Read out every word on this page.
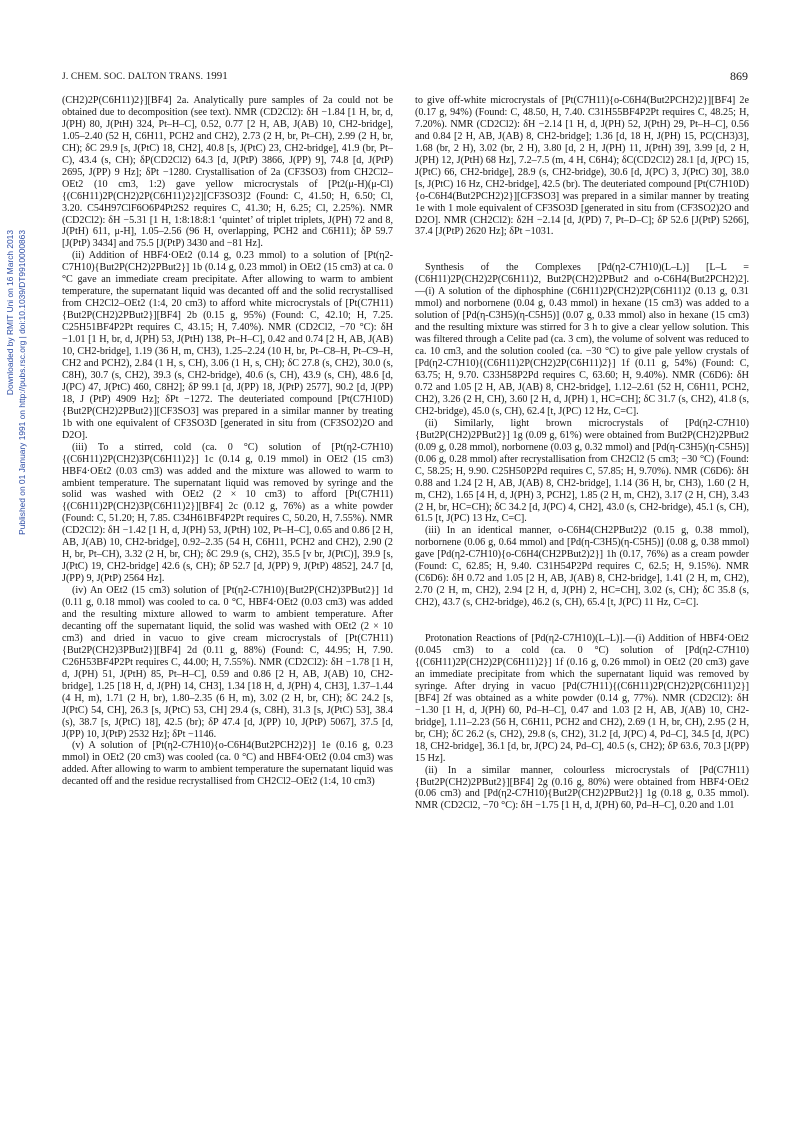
Downloaded by RMIT Uni on 16 March 2013 Published on 01 January 1991 on http://pubs.rsc.org | doi:10.1039/DT9910000863
J. CHEM. SOC. DALTON TRANS. 1991	869

(CH2)2P(C6H11)2}][BF4] 2a. Analytically pure samples of 2a could not be obtained due to decomposition (see text). NMR (CD2Cl2): δH −1.84 [1 H, br, d, J(PH) 80, J(PtH) 324, Pt–H–C], 0.52, 0.77 [2 H, AB, J(AB) 10, CH2-bridge], 1.05–2.40 (52 H, C6H11, PCH2 and CH2), 2.73 (2 H, br, Pt–CH), 2.99 (2 H, br, CH); δC 29.9 [s, J(PtC) 18, CH2], 40.8 [s, J(PtC) 23, CH2-bridge], 41.9 (br, Pt–C), 43.4 (s, CH); δP(CD2Cl2) 64.3 [d, J(PtP) 3866, J(PP) 9], 74.8 [d, J(PtP) 2695, J(PP) 9 Hz]; δPt −1280. Crystallisation of 2a (CF3SO3) from CH2Cl2–OEt2 (10 cm3, 1:2) gave yellow microcrystals of [Pt2(μ-H)(μ-Cl){(C6H11)2P(CH2)2P(C6H11)2}2][CF3SO3]2 (Found: C, 41.50; H, 6.50; Cl, 3.20. C54H97ClF6O6P4Pt2S2 requires C, 41.30; H, 6.25; Cl, 2.25%). NMR (CD2Cl2): δH −5.31 [1 H, 1:8:18:8:1 ‘quintet’ of triplet triplets, J(PH) 72 and 8, J(PtH) 611, μ-H], 1.05–2.56 (96 H, overlapping, PCH2 and C6H11); δP 59.7 [J(PtP) 3434] and 75.5 [J(PtP) 3430 and −81 Hz].

(ii) Addition of HBF4·OEt2 (0.14 g, 0.23 mmol) to a solution of [Pt(η2-C7H10){But2P(CH2)2PBut2}] 1b (0.14 g, 0.23 mmol) in OEt2 (15 cm3) at ca. 0 °C gave an immediate cream precipitate. After allowing to warm to ambient temperature, the supernatant liquid was decanted off and the solid recrystallised from CH2Cl2–OEt2 (1:4, 20 cm3) to afford white microcrystals of [Pt(C7H11){But2P(CH2)2PBut2}][BF4] 2b (0.15 g, 95%) (Found: C, 42.10; H, 7.25. C25H51BF4P2Pt requires C, 43.15; H, 7.40%). NMR (CD2Cl2, −70 °C): δH −1.01 [1 H, br, d, J(PH) 53, J(PtH) 138, Pt–H–C], 0.42 and 0.74 [2 H, AB, J(AB) 10, CH2-bridge], 1.19 (36 H, m, CH3), 1.25–2.24 (10 H, br, Pt–C8–H, Pt–C9–H, CH2 and PCH2), 2.84 (1 H, s, CH), 3.06 (1 H, s, CH); δC 27.8 (s, CH2), 30.0 (s, C8H), 30.7 (s, CH2), 39.3 (s, CH2-bridge), 40.6 (s, CH), 43.9 (s, CH), 48.6 [d, J(PC) 47, J(PtC) 460, C8H2]; δP 99.1 [d, J(PP) 18, J(PtP) 2577], 90.2 [d, J(PP) 18, J (PtP) 4909 Hz]; δPt −1272. The deuteriated compound [Pt(C7H10D){But2P(CH2)2PBut2}][CF3SO3] was prepared in a similar manner by treating 1b with one equivalent of CF3SO3D [generated in situ from (CF3SO2)2O and D2O].

(iii) To a stirred, cold (ca. 0 °C) solution of [Pt(η2-C7H10){(C6H11)2P(CH2)3P(C6H11)2}] 1c (0.14 g, 0.19 mmol) in OEt2 (15 cm3) HBF4·OEt2 (0.03 cm3) was added and the mixture was allowed to warm to ambient temperature. The supernatant liquid was removed by syringe and the solid was washed with OEt2 (2 × 10 cm3) to afford [Pt(C7H11){(C6H11)2P(CH2)3P(C6H11)2}][BF4] 2c (0.12 g, 76%) as a white powder (Found: C, 51.20; H, 7.85. C34H61BF4P2Pt requires C, 50.20, H, 7.55%). NMR (CD2Cl2): δH −1.42 [1 H, d, J(PH) 53, J(PtH) 102, Pt–H–C], 0.65 and 0.86 [2 H, AB, J(AB) 10, CH2-bridge], 0.92–2.35 (54 H, C6H11, PCH2 and CH2), 2.90 (2 H, br, Pt–CH), 3.32 (2 H, br, CH); δC 29.9 (s, CH2), 35.5 [v br, J(PtC)], 39.9 [s, J(PtC) 19, CH2-bridge] 42.6 (s, CH); δP 52.7 [d, J(PP) 9, J(PtP) 4852], 24.7 [d, J(PP) 9, J(PtP) 2564 Hz].

(iv) An OEt2 (15 cm3) solution of [Pt(η2-C7H10){But2P(CH2)3PBut2}] 1d (0.11 g, 0.18 mmol) was cooled to ca. 0 °C, HBF4·OEt2 (0.03 cm3) was added and the resulting mixture allowed to warm to ambient temperature. After decanting off the supernatant liquid, the solid was washed with OEt2 (2 × 10 cm3) and dried in vacuo to give cream microcrystals of [Pt(C7H11){But2P(CH2)3PBut2}][BF4] 2d (0.11 g, 88%) (Found: C, 44.95; H, 7.90. C26H53BF4P2Pt requires C, 44.00; H, 7.55%). NMR (CD2Cl2): δH −1.78 [1 H, d, J(PH) 51, J(PtH) 85, Pt–H–C], 0.59 and 0.86 [2 H, AB, J(AB) 10, CH2-bridge], 1.25 [18 H, d, J(PH) 14, CH3], 1.34 [18 H, d, J(PH) 4, CH3], 1.37–1.44 (4 H, m), 1.71 (2 H, br), 1.80–2.35 (6 H, m), 3.02 (2 H, br, CH); δC 24.2 [s, J(PtC) 54, CH], 26.3 [s, J(PtC) 53, CH] 29.4 (s, C8H), 31.3 [s, J(PtC) 53], 38.4 (s), 38.7 [s, J(PtC) 18], 42.5 (br); δP 47.4 [d, J(PP) 10, J(PtP) 5067], 37.5 [d, J(PP) 10, J(PtP) 2532 Hz]; δPt −1146.

(v) A solution of [Pt(η2-C7H10){o-C6H4(But2PCH2)2}] 1e (0.16 g, 0.23 mmol) in OEt2 (20 cm3) was cooled (ca. 0 °C) and HBF4·OEt2 (0.04 cm3) was added. After allowing to warm to ambient temperature the supernatant liquid was decanted off and the residue recrystallised from CH2Cl2–OEt2 (1:4, 10 cm3)

to give off-white microcrystals of [Pt(C7H11){o-C6H4(But2PCH2)2}][BF4] 2e (0.17 g, 94%) (Found: C, 48.50, H, 7.40. C31H55BF4P2Pt requires C, 48.25; H, 7.20%). NMR (CD2Cl2): δH −2.14 [1 H, d, J(PH) 52, J(PtH) 29, Pt–H–C], 0.56 and 0.84 [2 H, AB, J(AB) 8, CH2-bridge]; 1.36 [d, 18 H, J(PH) 15, PC(CH3)3], 1.68 (br, 2 H), 3.02 (br, 2 H), 3.80 [d, 2 H, J(PH) 11, J(PtH) 39], 3.99 [d, 2 H, J(PH) 12, J(PtH) 68 Hz], 7.2–7.5 (m, 4 H, C6H4); δC(CD2Cl2) 28.1 [d, J(PC) 15, J(PtC) 66, CH2-bridge], 28.9 (s, CH2-bridge), 30.6 [d, J(PC) 3, J(PtC) 30], 38.0 [s, J(PtC) 16 Hz, CH2-bridge], 42.5 (br). The deuteriated compound [Pt(C7H10D){o-C6H4(But2PCH2)2}][CF3SO3] was prepared in a similar manner by treating 1e with 1 mole equivalent of CF3SO3D [generated in situ from (CF3SO2)2O and D2O]. NMR (CH2Cl2): δ2H −2.14 [d, J(PD) 7, Pt–D–C]; δP 52.6 [J(PtP) 5266], 37.4 [J(PtP) 2620 Hz]; δPt −1031.

Synthesis of the Complexes [Pd(η2-C7H10)(L–L)] [L–L = (C6H11)2P(CH2)2P(C6H11)2, But2P(CH2)2PBut2 and o-C6H4(But2PCH2)2].—(i) A solution of the diphosphine (C6H11)2P(CH2)2P(C6H11)2 (0.13 g, 0.31 mmol) and norbornene (0.04 g, 0.43 mmol) in hexane (15 cm3) was added to a solution of [Pd(η-C3H5)(η-C5H5)] (0.07 g, 0.33 mmol) also in hexane (15 cm3) and the resulting mixture was stirred for 3 h to give a clear yellow solution. This was filtered through a Celite pad (ca. 3 cm), the volume of solvent was reduced to ca. 10 cm3, and the solution cooled (ca. −30 °C) to give pale yellow crystals of [Pd(η2-C7H10){(C6H11)2P(CH2)2P(C6H11)2}] 1f (0.11 g, 54%) (Found: C, 63.75; H, 9.70. C33H58P2Pd requires C, 63.60; H, 9.40%). NMR (C6D6): δH 0.72 and 1.05 [2 H, AB, J(AB) 8, CH2-bridge], 1.12–2.61 (52 H, C6H11, PCH2, CH2), 3.26 (2 H, CH), 3.60 [2 H, d, J(PH) 1, HC=CH]; δC 31.7 (s, CH2), 41.8 (s, CH2-bridge), 45.0 (s, CH), 62.4 [t, J(PC) 12 Hz, C=C].

(ii) Similarly, light brown microcrystals of [Pd(η2-C7H10){But2P(CH2)2PBut2}] 1g (0.09 g, 61%) were obtained from But2P(CH2)2PBut2 (0.09 g, 0.28 mmol), norbornene (0.03 g, 0.32 mmol) and [Pd(η-C3H5)(η-C5H5)] (0.06 g, 0.28 mmol) after recrystallisation from CH2Cl2 (5 cm3; −30 °C) (Found: C, 58.25; H, 9.90. C25H50P2Pd requires C, 57.85; H, 9.70%). NMR (C6D6): δH 0.88 and 1.24 [2 H, AB, J(AB) 8, CH2-bridge], 1.14 (36 H, br, CH3), 1.60 (2 H, m, CH2), 1.65 [4 H, d, J(PH) 3, PCH2], 1.85 (2 H, m, CH2), 3.17 (2 H, CH), 3.43 (2 H, br, HC=CH); δC 34.2 [d, J(PC) 4, CH2], 43.0 (s, CH2-bridge), 45.1 (s, CH), 61.5 [t, J(PC) 13 Hz, C=C].

(iii) In an identical manner, o-C6H4(CH2PBut2)2 (0.15 g, 0.38 mmol), norbornene (0.06 g, 0.64 mmol) and [Pd(η-C3H5)(η-C5H5)] (0.08 g, 0.38 mmol) gave [Pd(η2-C7H10){o-C6H4(CH2PBut2)2}] 1h (0.17, 76%) as a cream powder (Found: C, 62.85; H, 9.40. C31H54P2Pd requires C, 62.5; H, 9.15%). NMR (C6D6): δH 0.72 and 1.05 [2 H, AB, J(AB) 8, CH2-bridge], 1.41 (2 H, m, CH2), 2.70 (2 H, m, CH2), 2.94 [2 H, d, J(PH) 2, HC=CH], 3.02 (s, CH); δC 35.8 (s, CH2), 43.7 (s, CH2-bridge), 46.2 (s, CH), 65.4 [t, J(PC) 11 Hz, C=C].

Protonation Reactions of [Pd(η2-C7H10)(L–L)].—(i) Addition of HBF4·OEt2 (0.045 cm3) to a cold (ca. 0 °C) solution of [Pd(η2-C7H10){(C6H11)2P(CH2)2P(C6H11)2}] 1f (0.16 g, 0.26 mmol) in OEt2 (20 cm3) gave an immediate precipitate from which the supernatant liquid was removed by syringe. After drying in vacuo [Pd(C7H11){(C6H11)2P(CH2)2P(C6H11)2}][BF4] 2f was obtained as a white powder (0.14 g, 77%). NMR (CD2Cl2): δH −1.30 [1 H, d, J(PH) 60, Pd–H–C], 0.47 and 1.03 [2 H, AB, J(AB) 10, CH2-bridge], 1.11–2.23 (56 H, C6H11, PCH2 and CH2), 2.69 (1 H, br, CH), 2.95 (2 H, br, CH); δC 26.2 (s, CH2), 29.8 (s, CH2), 31.2 [d, J(PC) 4, Pd–C], 34.5 [d, J(PC) 18, CH2-bridge], 36.1 [d, br, J(PC) 24, Pd–C], 40.5 (s, CH2); δP 63.6, 70.3 [J(PP) 15 Hz].

(ii) In a similar manner, colourless microcrystals of [Pd(C7H11){But2P(CH2)2PBut2}][BF4] 2g (0.16 g, 80%) were obtained from HBF4·OEt2 (0.06 cm3) and [Pd(η2-C7H10){But2P(CH2)2PBut2}] 1g (0.18 g, 0.35 mmol). NMR (CD2Cl2, −70 °C): δH −1.75 [1 H, d, J(PH) 60, Pd–H–C], 0.20 and 1.01
